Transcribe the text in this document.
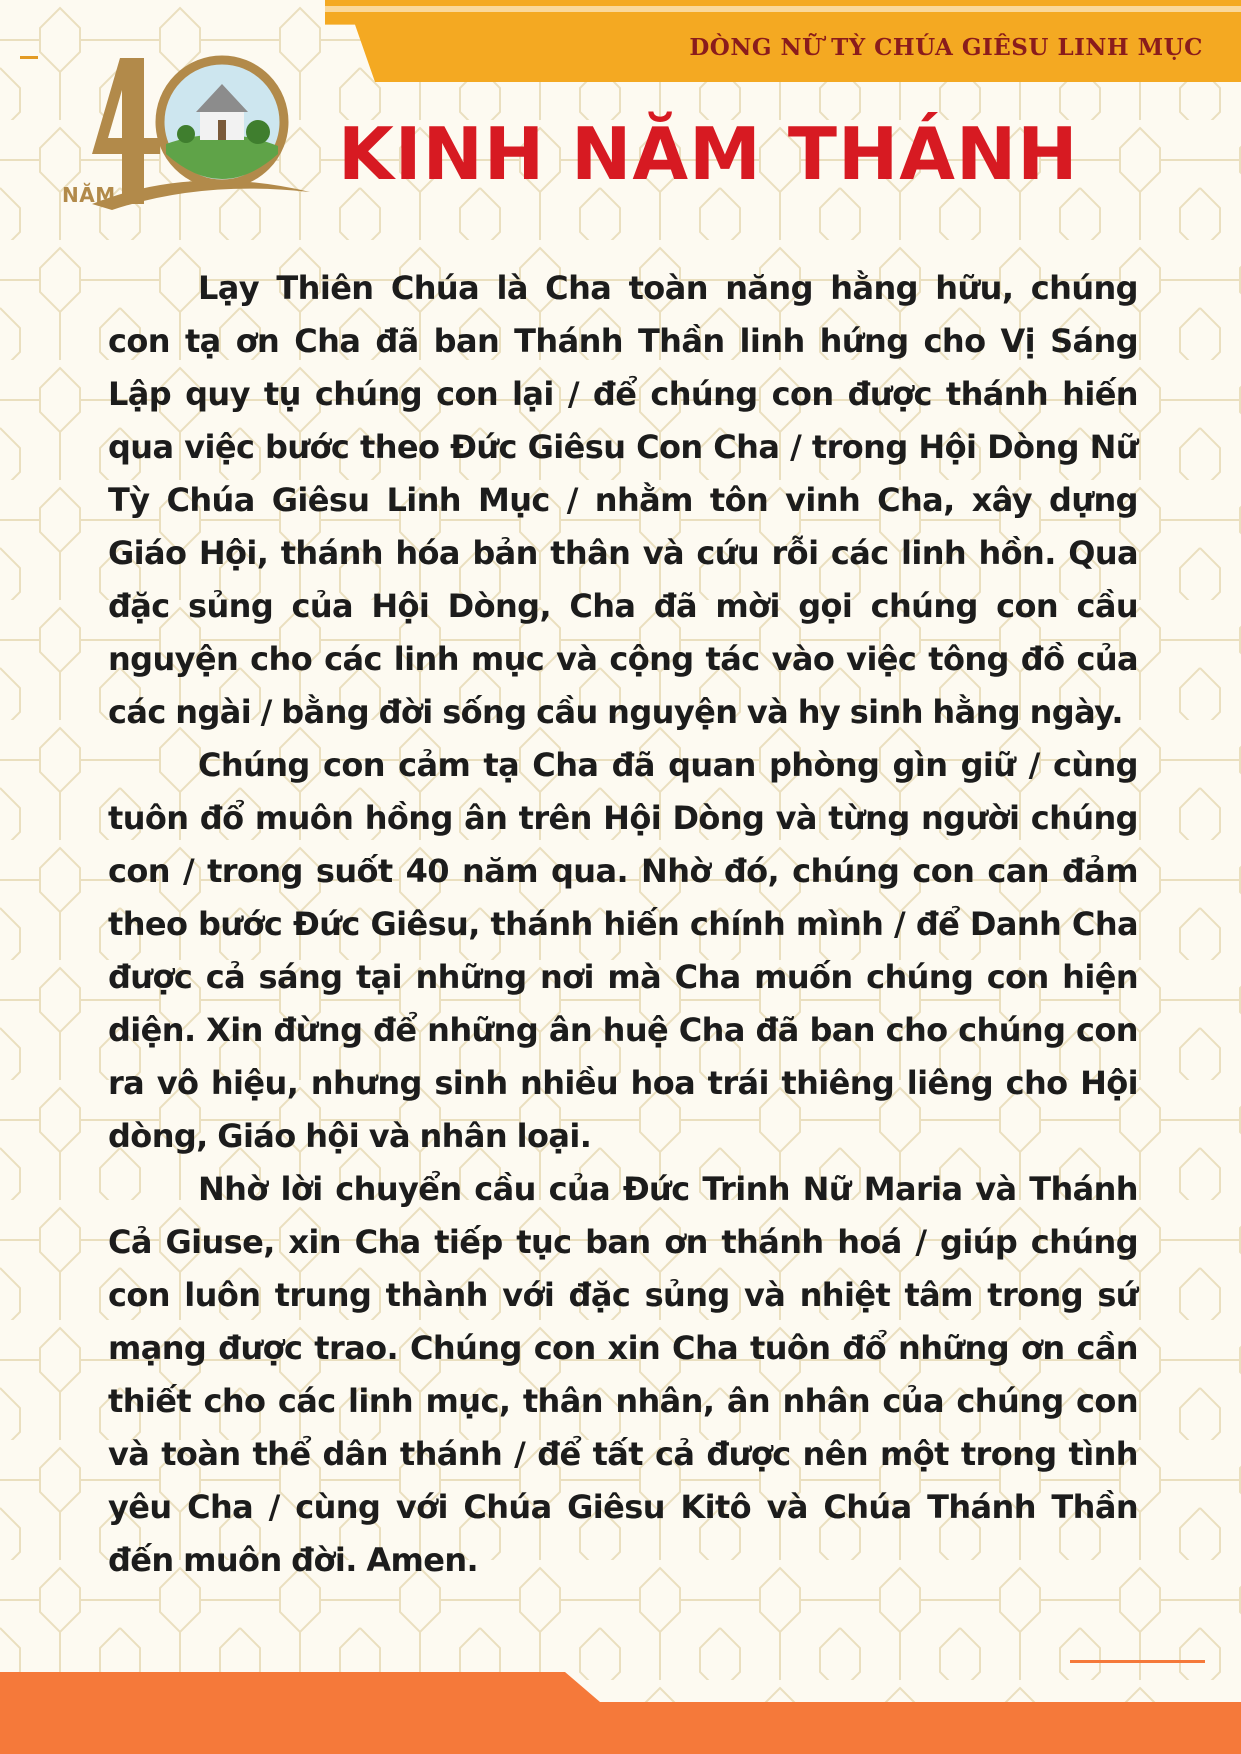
DÒNG NỮ TỲ CHÚA GIÊSU LINH MỤC
NĂM	KINH NĂM THÁNH

Lạy Thiên Chúa là Cha toàn năng hằng hữu, chúng con tạ ơn Cha đã ban Thánh Thần linh hứng cho Vị Sáng Lập quy tụ chúng con lại / để chúng con được thánh hiến qua việc bước theo Đức Giêsu Con Cha / trong Hội Dòng Nữ Tỳ Chúa Giêsu Linh Mục / nhằm tôn vinh Cha, xây dựng Giáo Hội, thánh hóa bản thân và cứu rỗi các linh hồn. Qua đặc sủng của Hội Dòng, Cha đã mời gọi chúng con cầu nguyện cho các linh mục và cộng tác vào việc tông đồ của các ngài / bằng đời sống cầu nguyện và hy sinh hằng ngày.

Chúng con cảm tạ Cha đã quan phòng gìn giữ / cùng tuôn đổ muôn hồng ân trên Hội Dòng và từng người chúng con / trong suốt 40 năm qua. Nhờ đó, chúng con can đảm theo bước Đức Giêsu, thánh hiến chính mình / để Danh Cha được cả sáng tại những nơi mà Cha muốn chúng con hiện diện. Xin đừng để những ân huệ Cha đã ban cho chúng con ra vô hiệu, nhưng sinh nhiều hoa trái thiêng liêng cho Hội dòng, Giáo hội và nhân loại.

Nhờ lời chuyển cầu của Đức Trinh Nữ Maria và Thánh Cả Giuse, xin Cha tiếp tục ban ơn thánh hoá / giúp chúng con luôn trung thành với đặc sủng và nhiệt tâm trong sứ mạng được trao. Chúng con xin Cha tuôn đổ những ơn cần thiết cho các linh mục, thân nhân, ân nhân của chúng con và toàn thể dân thánh / để tất cả được nên một trong tình yêu Cha / cùng với Chúa Giêsu Kitô và Chúa Thánh Thần đến muôn đời. Amen.
